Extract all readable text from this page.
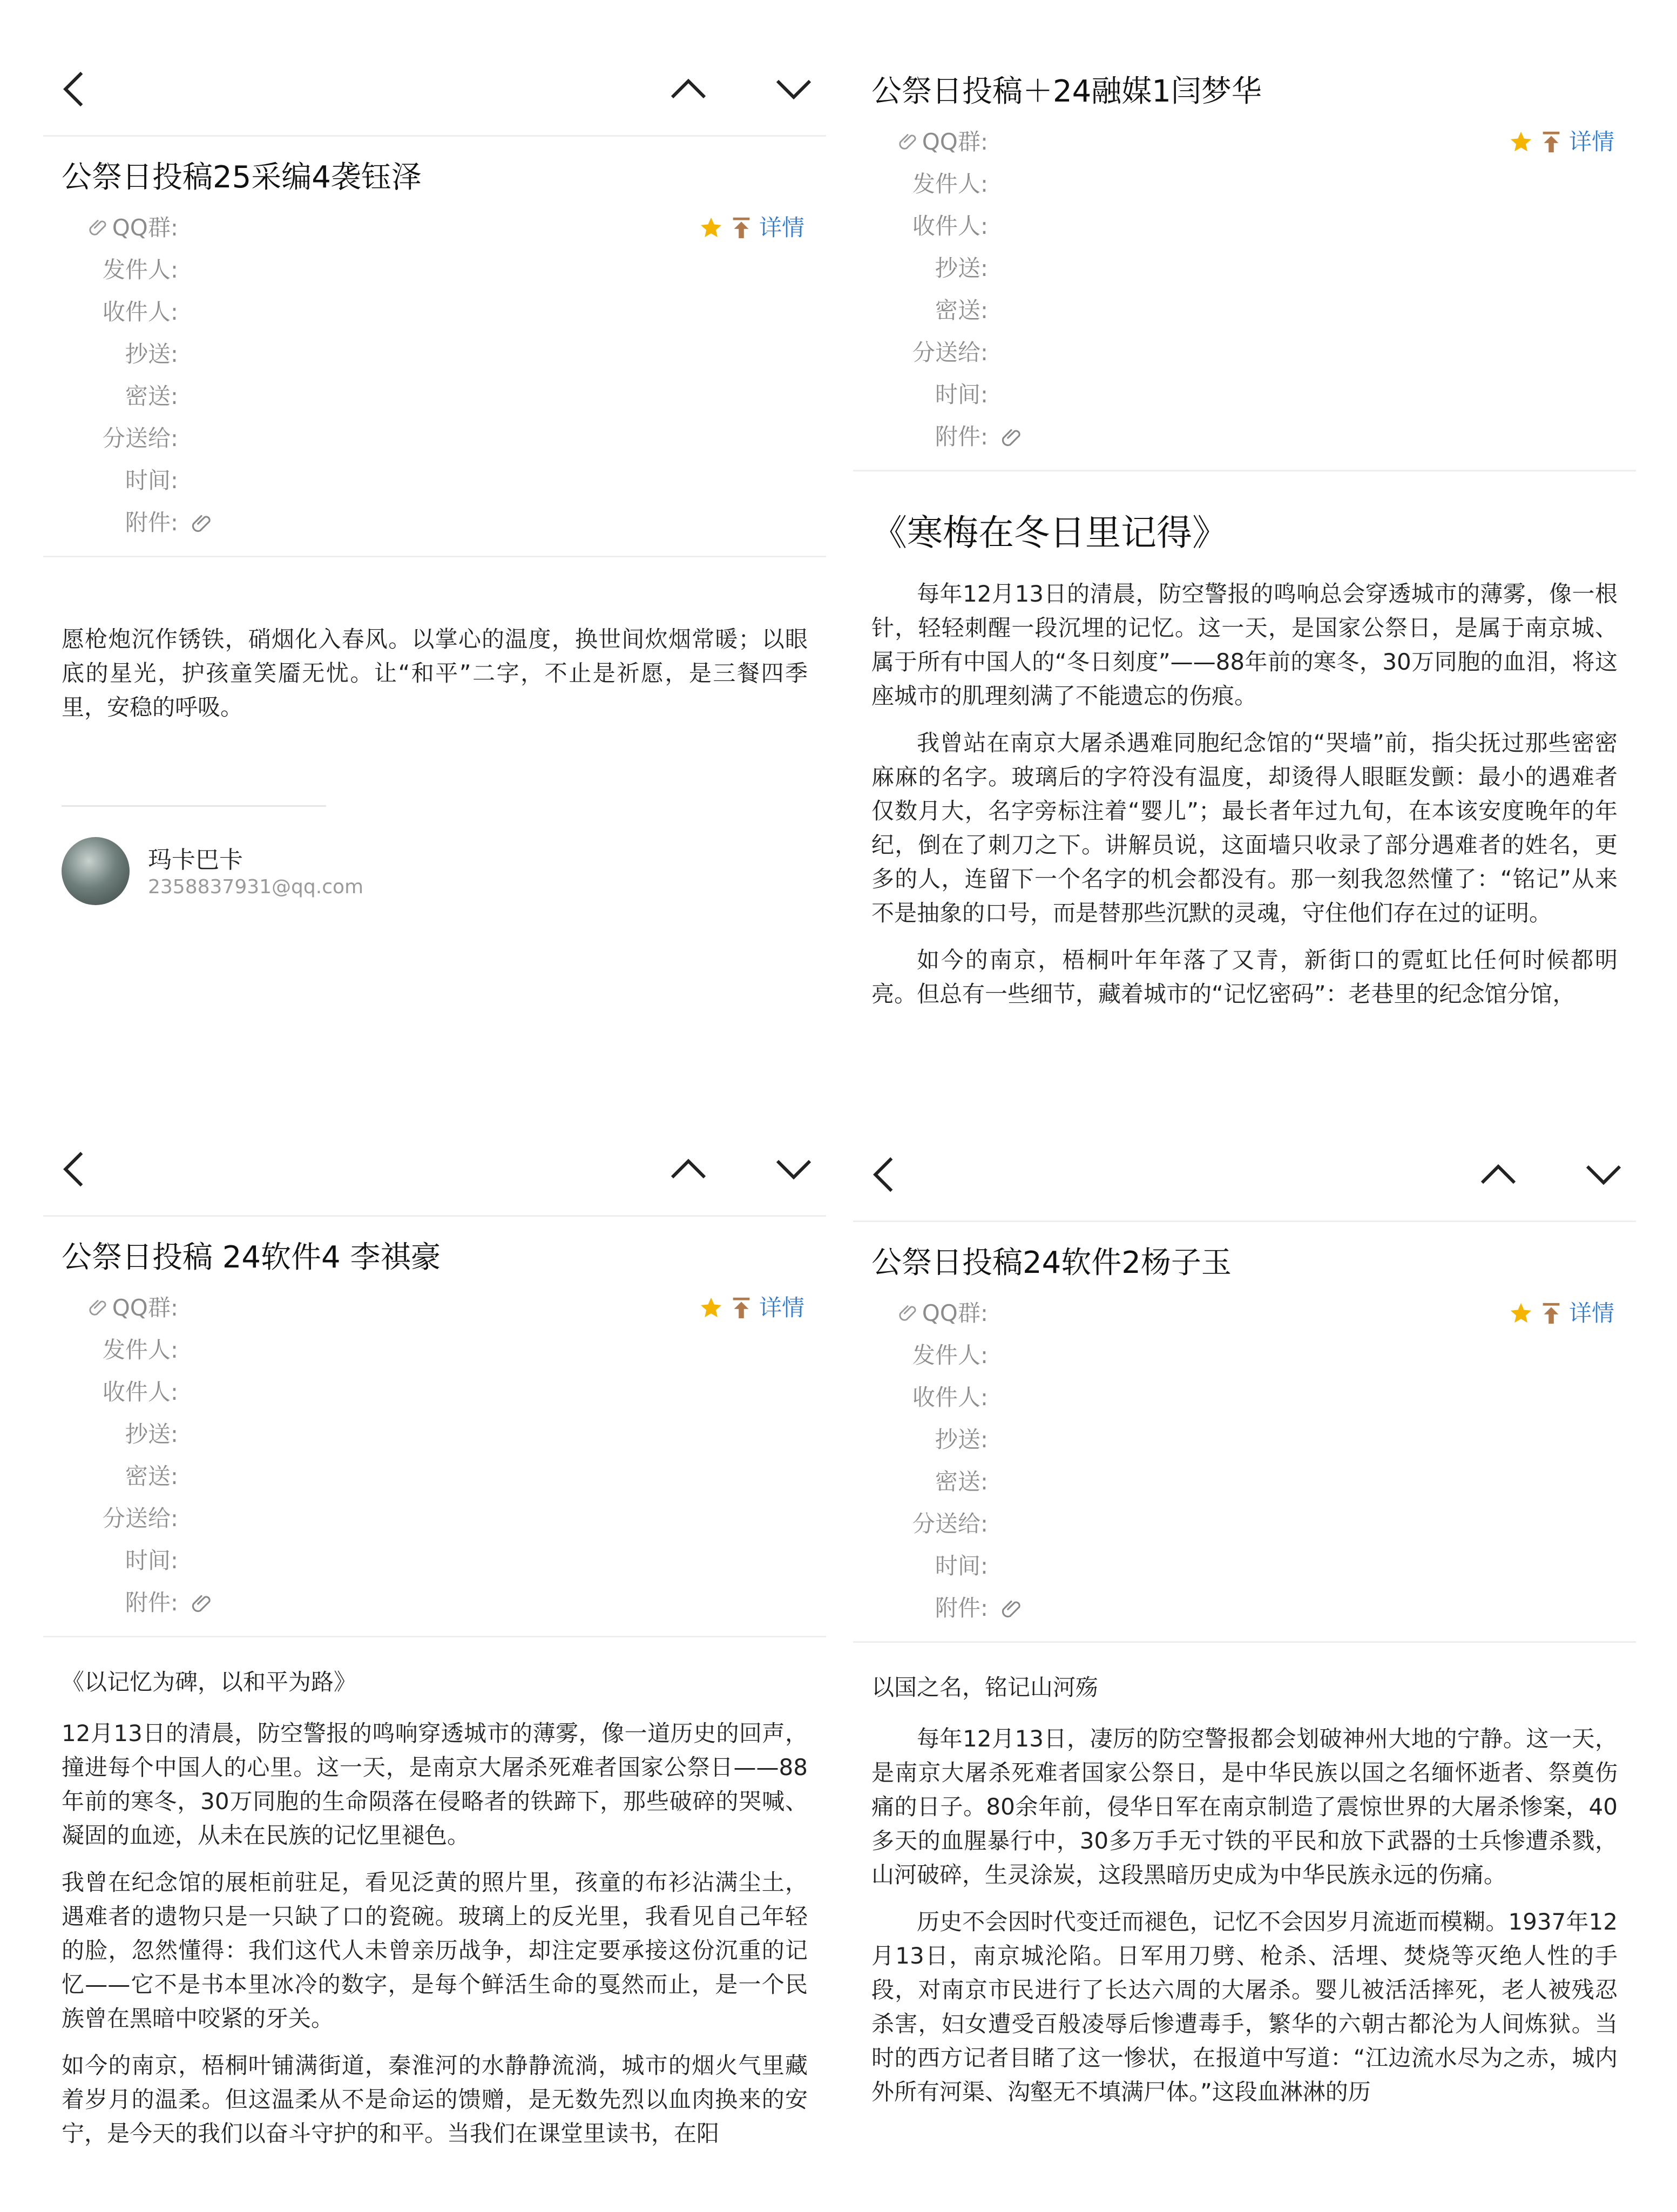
公祭日投稿25采编4袭钰泽
QQ群:	详情
发件人:
收件人:
抄送:
密送:
分送给:
时间:
附件:

愿枪炮沉作锈铁，硝烟化入春风。以掌心的温度，换世间炊烟常暖；以眼底的星光，护孩童笑靥无忧。让“和平”二字，不止是祈愿，是三餐四季里，安稳的呼吸。

玛卡巴卡
2358837931@qq.com
公祭日投稿＋24融媒1闫梦华
QQ群:	详情
发件人:
收件人:
抄送:
密送:
分送给:
时间:
附件:
《寒梅在冬日里记得》

每年12月13日的清晨，防空警报的鸣响总会穿透城市的薄雾，像一根针，轻轻刺醒一段沉埋的记忆。这一天，是国家公祭日，是属于南京城、属于所有中国人的“冬日刻度”——88年前的寒冬，30万同胞的血泪，将这座城市的肌理刻满了不能遗忘的伤痕。

我曾站在南京大屠杀遇难同胞纪念馆的“哭墙”前，指尖抚过那些密密麻麻的名字。玻璃后的字符没有温度，却烫得人眼眶发颤：最小的遇难者仅数月大，名字旁标注着“婴儿”；最长者年过九旬，在本该安度晚年的年纪，倒在了刺刀之下。讲解员说，这面墙只收录了部分遇难者的姓名，更多的人，连留下一个名字的机会都没有。那一刻我忽然懂了：“铭记”从来不是抽象的口号，而是替那些沉默的灵魂，守住他们存在过的证明。

如今的南京，梧桐叶年年落了又青，新街口的霓虹比任何时候都明亮。但总有一些细节，藏着城市的“记忆密码”：老巷里的纪念馆分馆，

公祭日投稿 24软件4 李祺豪
QQ群:	详情
发件人:
收件人:
抄送:
密送:
分送给:
时间:
附件:
《以记忆为碑，以和平为路》

12月13日的清晨，防空警报的鸣响穿透城市的薄雾，像一道历史的回声，撞进每个中国人的心里。这一天，是南京大屠杀死难者国家公祭日——88年前的寒冬，30万同胞的生命陨落在侵略者的铁蹄下，那些破碎的哭喊、凝固的血迹，从未在民族的记忆里褪色。

我曾在纪念馆的展柜前驻足，看见泛黄的照片里，孩童的布衫沾满尘土，遇难者的遗物只是一只缺了口的瓷碗。玻璃上的反光里，我看见自己年轻的脸，忽然懂得：我们这代人未曾亲历战争，却注定要承接这份沉重的记忆——它不是书本里冰冷的数字，是每个鲜活生命的戛然而止，是一个民族曾在黑暗中咬紧的牙关。

如今的南京，梧桐叶铺满街道，秦淮河的水静静流淌，城市的烟火气里藏着岁月的温柔。但这温柔从不是命运的馈赠，是无数先烈以血肉换来的安宁，是今天的我们以奋斗守护的和平。当我们在课堂里读书，在阳

公祭日投稿24软件2杨子玉
QQ群:	详情
发件人:
收件人:
抄送:
密送:
分送给:
时间:
附件:
以国之名，铭记山河殇

每年12月13日，凄厉的防空警报都会划破神州大地的宁静。这一天，是南京大屠杀死难者国家公祭日，是中华民族以国之名缅怀逝者、祭奠伤痛的日子。80余年前，侵华日军在南京制造了震惊世界的大屠杀惨案，40多天的血腥暴行中，30多万手无寸铁的平民和放下武器的士兵惨遭杀戮，山河破碎，生灵涂炭，这段黑暗历史成为中华民族永远的伤痛。

历史不会因时代变迁而褪色，记忆不会因岁月流逝而模糊。1937年12月13日，南京城沦陷。日军用刀劈、枪杀、活埋、焚烧等灭绝人性的手段，对南京市民进行了长达六周的大屠杀。婴儿被活活摔死，老人被残忍杀害，妇女遭受百般凌辱后惨遭毒手，繁华的六朝古都沦为人间炼狱。当时的西方记者目睹了这一惨状，在报道中写道：“江边流水尽为之赤，城内外所有河渠、沟壑无不填满尸体。”这段血淋淋的历
